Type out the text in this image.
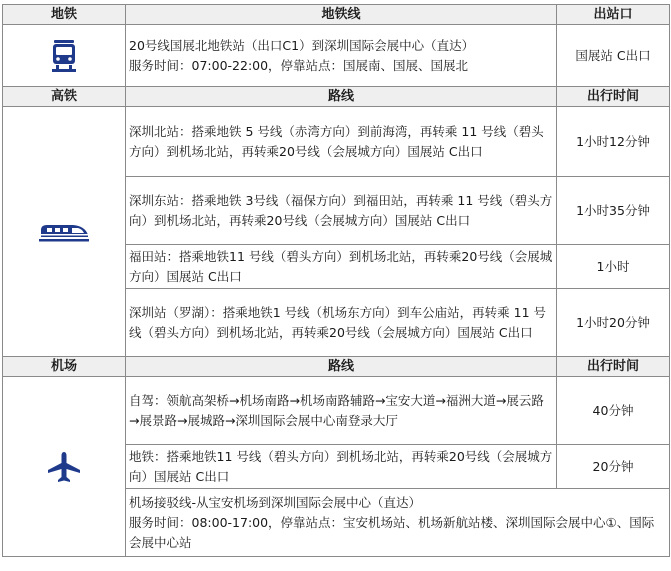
地铁	地铁线	出站口

20号线国展北地铁站（出口C1）到深圳国际会展中心（直达）
服务时间：07:00-22:00，停靠站点：国展南、国展、国展北	国展站 C出口
高铁	路线	出行时间

	深圳北站：搭乘地铁 5 号线（赤湾方向）到前海湾，再转乘 11 号线（碧头方向）到机场北站，再转乘20号线（会展城方向）国展站 C出口	1小时12分钟
	深圳东站：搭乘地铁 3号线（福保方向）到福田站，再转乘 11 号线（碧头方向）到机场北站，再转乘20号线（会展城方向）国展站 C出口	1小时35分钟
	福田站：搭乘地铁11 号线（碧头方向）到机场北站，再转乘20号线（会展城方向）国展站 C出口	1小时
	深圳站（罗湖）：搭乘地铁1 号线（机场东方向）到车公庙站，再转乘 11 号线（碧头方向）到机场北站，再转乘20号线（会展城方向）国展站 C出口	1小时20分钟
机场	路线	出行时间

	自驾：领航高架桥→机场南路→机场南路辅路→宝安大道→福洲大道→展云路→展景路→展城路→深圳国际会展中心南登录大厅	40分钟
	地铁：搭乘地铁11 号线（碧头方向）到机场北站，再转乘20号线（会展城方向）国展站 C出口	20分钟

	机场接驳线-从宝安机场到深圳国际会展中心（直达）
服务时间：08:00-17:00，停靠站点：宝安机场站、机场新航站楼、深圳国际会展中心①、国际会展中心站	
